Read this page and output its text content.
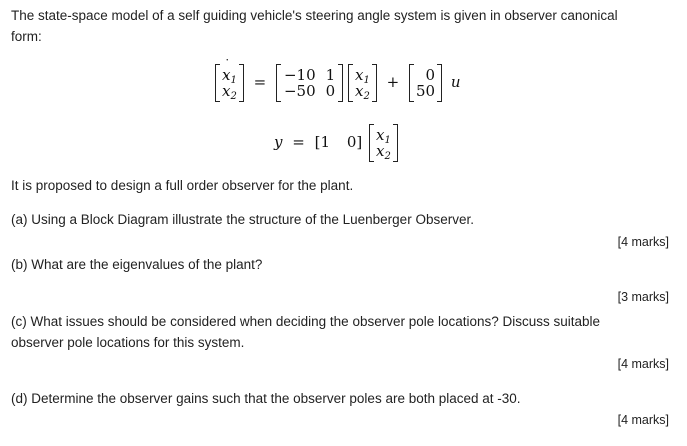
The state-space model of a self guiding vehicle's steering angle system is given in observer canonical
form:
˙ $x_1$
˙ $x_2$
= −10 1
−50 0

$x_1$
$x_2$
+ 0
50 u
y = [1 0] $x_1$
$x_2$
It is proposed to design a full order observer for the plant.
(a) Using a Block Diagram illustrate the structure of the Luenberger Observer.
[4 marks]
(b) What are the eigenvalues of the plant?
[3 marks]
(c) What issues should be considered when deciding the observer pole locations? Discuss suitable
observer pole locations for this system.
[4 marks]
(d) Determine the observer gains such that the observer poles are both placed at -30.
[4 marks]
